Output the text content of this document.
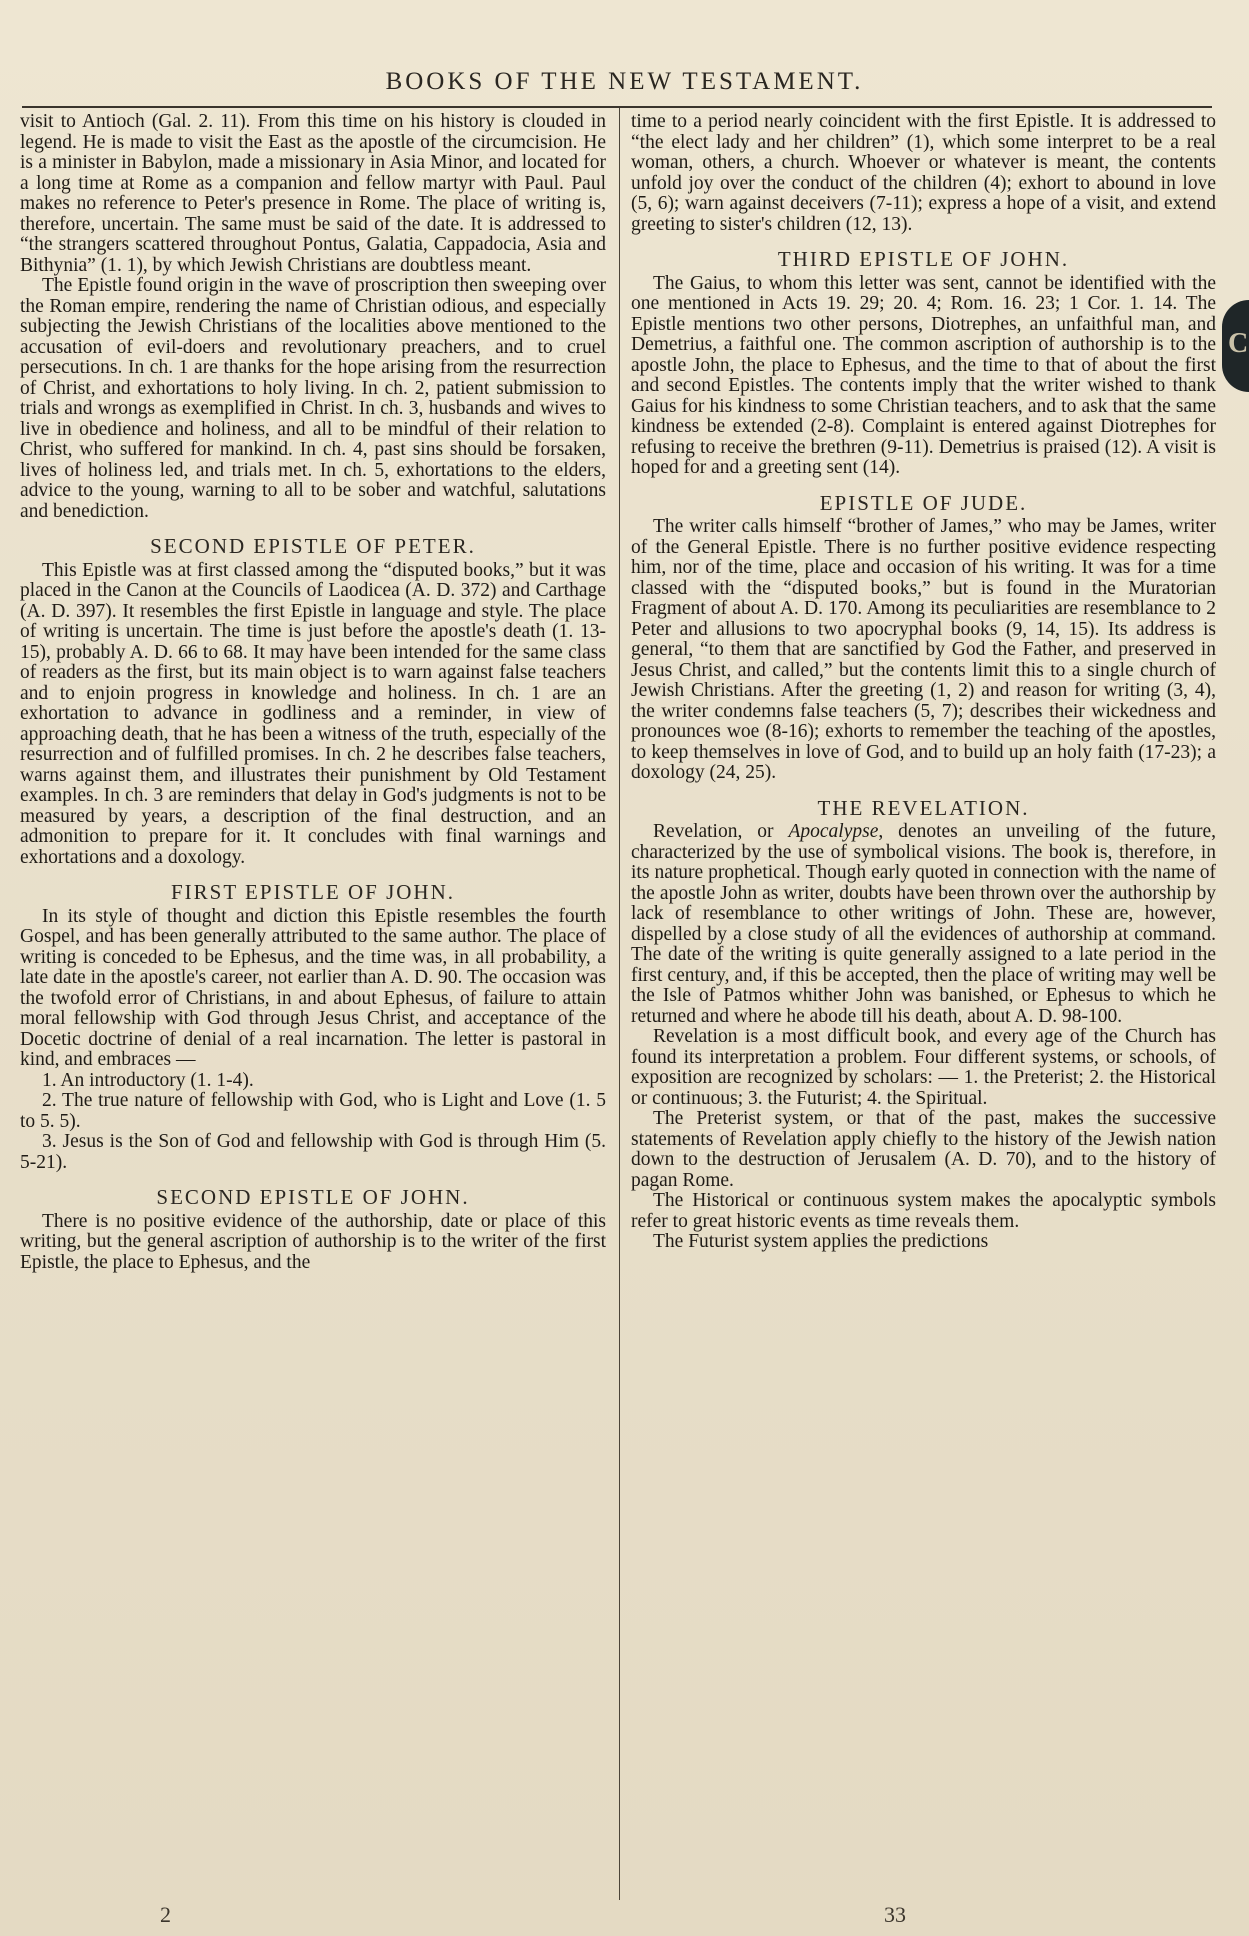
BOOKS OF THE NEW TESTAMENT.

visit to Antioch (Gal. 2. 11). From this time on his history is clouded in legend. He is made to visit the East as the apostle of the circumcision. He is a minister in Babylon, made a missionary in Asia Minor, and located for a long time at Rome as a companion and fellow martyr with Paul. Paul makes no reference to Peter's presence in Rome. The place of writing is, therefore, uncertain. The same must be said of the date. It is addressed to “the strangers scattered throughout Pontus, Galatia, Cappadocia, Asia and Bithynia” (1. 1), by which Jewish Christians are doubtless meant.

The Epistle found origin in the wave of proscription then sweeping over the Roman empire, rendering the name of Christian odious, and especially subjecting the Jewish Christians of the localities above mentioned to the accusation of evil-doers and revolutionary preachers, and to cruel persecutions. In ch. 1 are thanks for the hope arising from the resurrection of Christ, and exhortations to holy living. In ch. 2, patient submission to trials and wrongs as exemplified in Christ. In ch. 3, husbands and wives to live in obedience and holiness, and all to be mindful of their relation to Christ, who suffered for mankind. In ch. 4, past sins should be forsaken, lives of holiness led, and trials met. In ch. 5, exhortations to the elders, advice to the young, warning to all to be sober and watchful, salutations and benediction.

SECOND EPISTLE OF PETER.

This Epistle was at first classed among the “disputed books,” but it was placed in the Canon at the Councils of Laodicea (A. D. 372) and Carthage (A. D. 397). It resembles the first Epistle in language and style. The place of writing is uncertain. The time is just before the apostle's death (1. 13-15), probably A. D. 66 to 68. It may have been intended for the same class of readers as the first, but its main object is to warn against false teachers and to enjoin progress in knowledge and holiness. In ch. 1 are an exhortation to advance in godliness and a reminder, in view of approaching death, that he has been a witness of the truth, especially of the resurrection and of fulfilled promises. In ch. 2 he describes false teachers, warns against them, and illustrates their punishment by Old Testament examples. In ch. 3 are reminders that delay in God's judgments is not to be measured by years, a description of the final destruction, and an admonition to prepare for it. It concludes with final warnings and exhortations and a doxology.

FIRST EPISTLE OF JOHN.

In its style of thought and diction this Epistle resembles the fourth Gospel, and has been generally attributed to the same author. The place of writing is conceded to be Ephesus, and the time was, in all probability, a late date in the apostle's career, not earlier than A. D. 90. The occasion was the twofold error of Christians, in and about Ephesus, of failure to attain moral fellowship with God through Jesus Christ, and acceptance of the Docetic doctrine of denial of a real incarnation. The letter is pastoral in kind, and embraces —

1. An introductory (1. 1-4).

2. The true nature of fellowship with God, who is Light and Love (1. 5 to 5. 5).

3. Jesus is the Son of God and fellowship with God is through Him (5. 5-21).

SECOND EPISTLE OF JOHN.

There is no positive evidence of the authorship, date or place of this writing, but the general ascription of authorship is to the writer of the first Epistle, the place to Ephesus, and the

time to a period nearly coincident with the first Epistle. It is addressed to “the elect lady and her children” (1), which some interpret to be a real woman, others, a church. Whoever or whatever is meant, the contents unfold joy over the conduct of the children (4); exhort to abound in love (5, 6); warn against deceivers (7-11); express a hope of a visit, and extend greeting to sister's children (12, 13).

THIRD EPISTLE OF JOHN.

The Gaius, to whom this letter was sent, cannot be identified with the one mentioned in Acts 19. 29; 20. 4; Rom. 16. 23; 1 Cor. 1. 14. The Epistle mentions two other persons, Diotrephes, an unfaithful man, and Demetrius, a faithful one. The common ascription of authorship is to the apostle John, the place to Ephesus, and the time to that of about the first and second Epistles. The contents imply that the writer wished to thank Gaius for his kindness to some Christian teachers, and to ask that the same kindness be extended (2-8). Complaint is entered against Diotrephes for refusing to receive the brethren (9-11). Demetrius is praised (12). A visit is hoped for and a greeting sent (14).

EPISTLE OF JUDE.

The writer calls himself “brother of James,” who may be James, writer of the General Epistle. There is no further positive evidence respecting him, nor of the time, place and occasion of his writing. It was for a time classed with the “disputed books,” but is found in the Muratorian Fragment of about A. D. 170. Among its peculiarities are resemblance to 2 Peter and allusions to two apocryphal books (9, 14, 15). Its address is general, “to them that are sanctified by God the Father, and preserved in Jesus Christ, and called,” but the contents limit this to a single church of Jewish Christians. After the greeting (1, 2) and reason for writing (3, 4), the writer condemns false teachers (5, 7); describes their wickedness and pronounces woe (8-16); exhorts to remember the teaching of the apostles, to keep themselves in love of God, and to build up an holy faith (17-23); a doxology (24, 25).

THE REVELATION.

Revelation, or Apocalypse, denotes an unveiling of the future, characterized by the use of symbolical visions. The book is, therefore, in its nature prophetical. Though early quoted in connection with the name of the apostle John as writer, doubts have been thrown over the authorship by lack of resemblance to other writings of John. These are, however, dispelled by a close study of all the evidences of authorship at command. The date of the writing is quite generally assigned to a late period in the first century, and, if this be accepted, then the place of writing may well be the Isle of Patmos whither John was banished, or Ephesus to which he returned and where he abode till his death, about A. D. 98-100.

Revelation is a most difficult book, and every age of the Church has found its interpretation a problem. Four different systems, or schools, of exposition are recognized by scholars: — 1. the Preterist; 2. the Historical or continuous; 3. the Futurist; 4. the Spiritual.

The Preterist system, or that of the past, makes the successive statements of Revelation apply chiefly to the history of the Jewish nation down to the destruction of Jerusalem (A. D. 70), and to the history of pagan Rome.

The Historical or continuous system makes the apocalyptic symbols refer to great historic events as time reveals them.

The Futurist system applies the predictions

C
2	33
